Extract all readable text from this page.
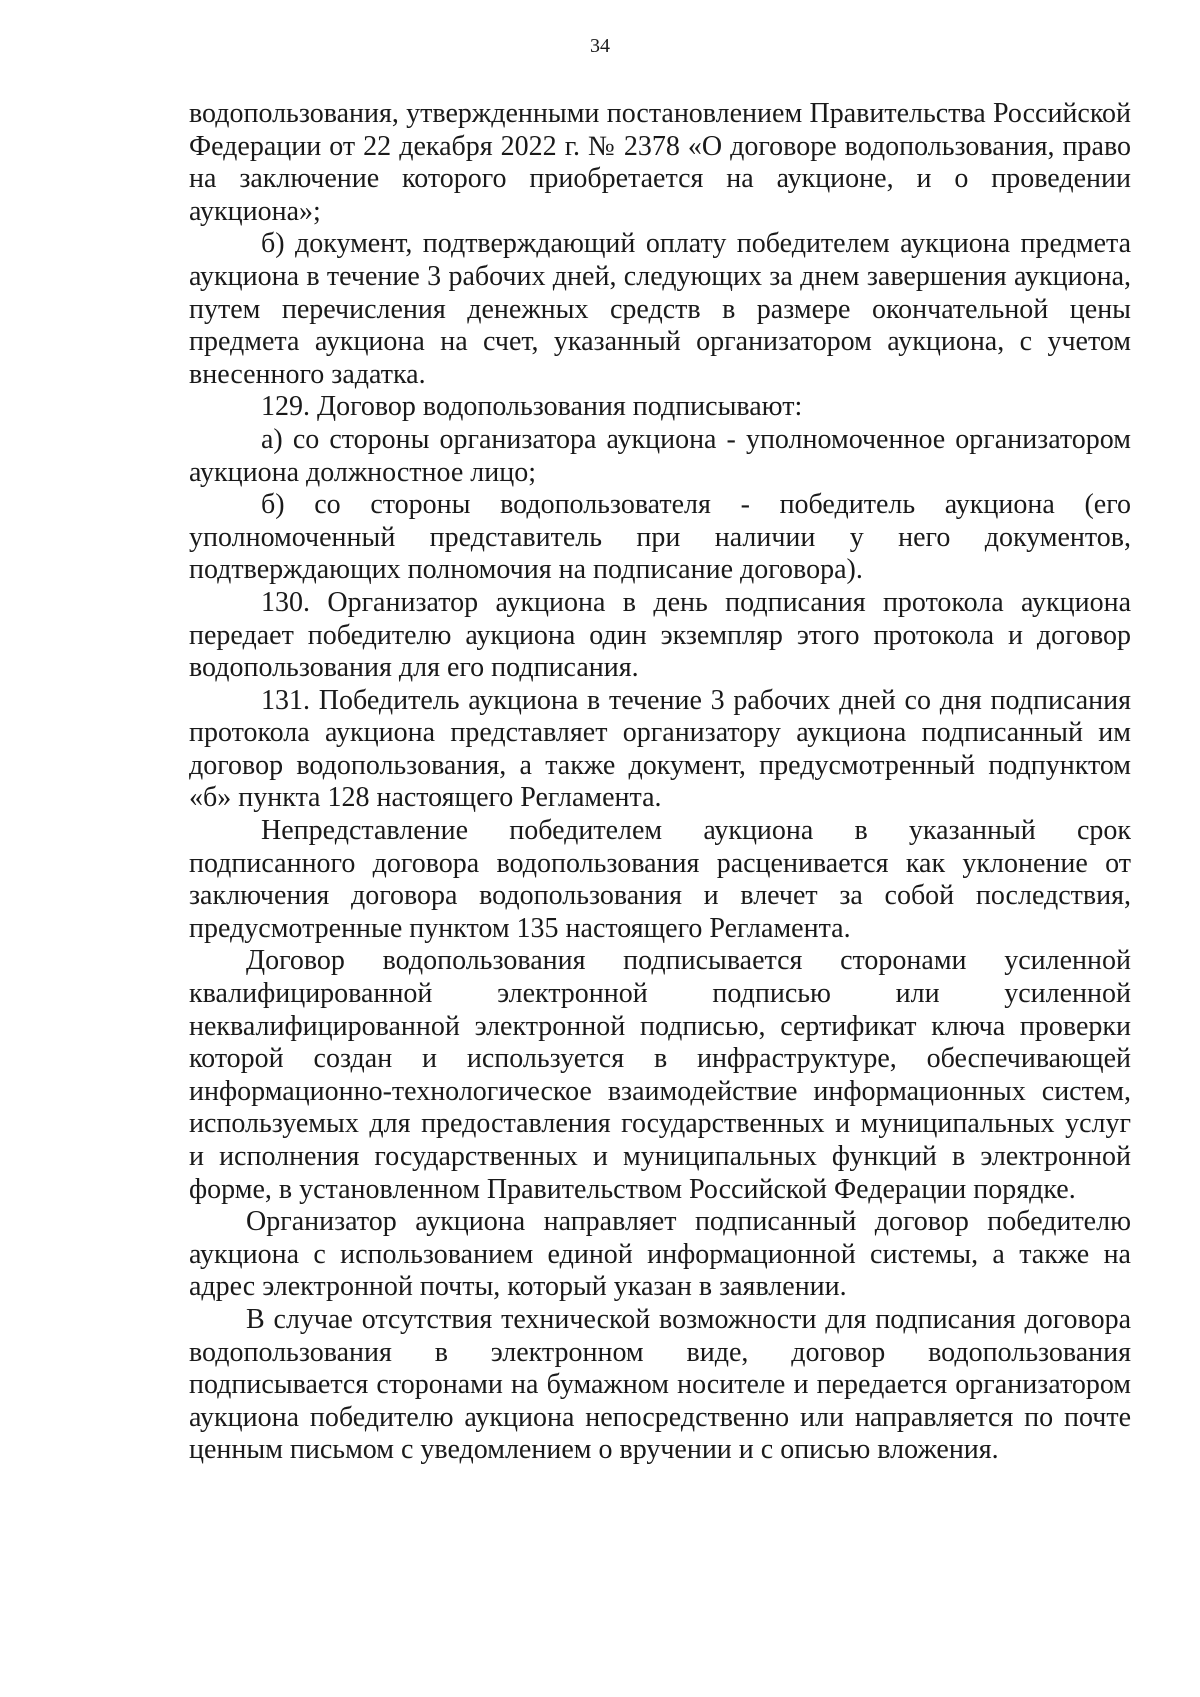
34

водопользования, утвержденными постановлением Правительства Российской Федерации от 22 декабря 2022 г. № 2378 «О договоре водопользования, право на заключение которого приобретается на аукционе, и о проведении аукциона»;

б) документ, подтверждающий оплату победителем аукциона предмета аукциона в течение 3 рабочих дней, следующих за днем завершения аукциона, путем перечисления денежных средств в размере окончательной цены предмета аукциона на счет, указанный организатором аукциона, с учетом внесенного задатка.

129. Договор водопользования подписывают:

а) со стороны организатора аукциона - уполномоченное организатором аукциона должностное лицо;

б) со стороны водопользователя - победитель аукциона (его уполномоченный представитель при наличии у него документов, подтверждающих полномочия на подписание договора).

130. Организатор аукциона в день подписания протокола аукциона передает победителю аукциона один экземпляр этого протокола и договор водопользования для его подписания.

131. Победитель аукциона в течение 3 рабочих дней со дня подписания протокола аукциона представляет организатору аукциона подписанный им договор водопользования, а также документ, предусмотренный подпунктом «б» пункта 128 настоящего Регламента.

Непредставление победителем аукциона в указанный срок подписанного договора водопользования расценивается как уклонение от заключения договора водопользования и влечет за собой последствия, предусмотренные пунктом 135 настоящего Регламента.

Договор водопользования подписывается сторонами усиленной квалифицированной электронной подписью или усиленной неквалифицированной электронной подписью, сертификат ключа проверки которой создан и используется в инфраструктуре, обеспечивающей информационно-технологическое взаимодействие информационных систем, используемых для предоставления государственных и муниципальных услуг и исполнения государственных и муниципальных функций в электронной форме, в установленном Правительством Российской Федерации порядке.

Организатор аукциона направляет подписанный договор победителю аукциона с использованием единой информационной системы, а также на адрес электронной почты, который указан в заявлении.

В случае отсутствия технической возможности для подписания договора водопользования в электронном виде, договор водопользования подписывается сторонами на бумажном носителе и передается организатором аукциона победителю аукциона непосредственно или направляется по почте ценным письмом с уведомлением о вручении и с описью вложения.
